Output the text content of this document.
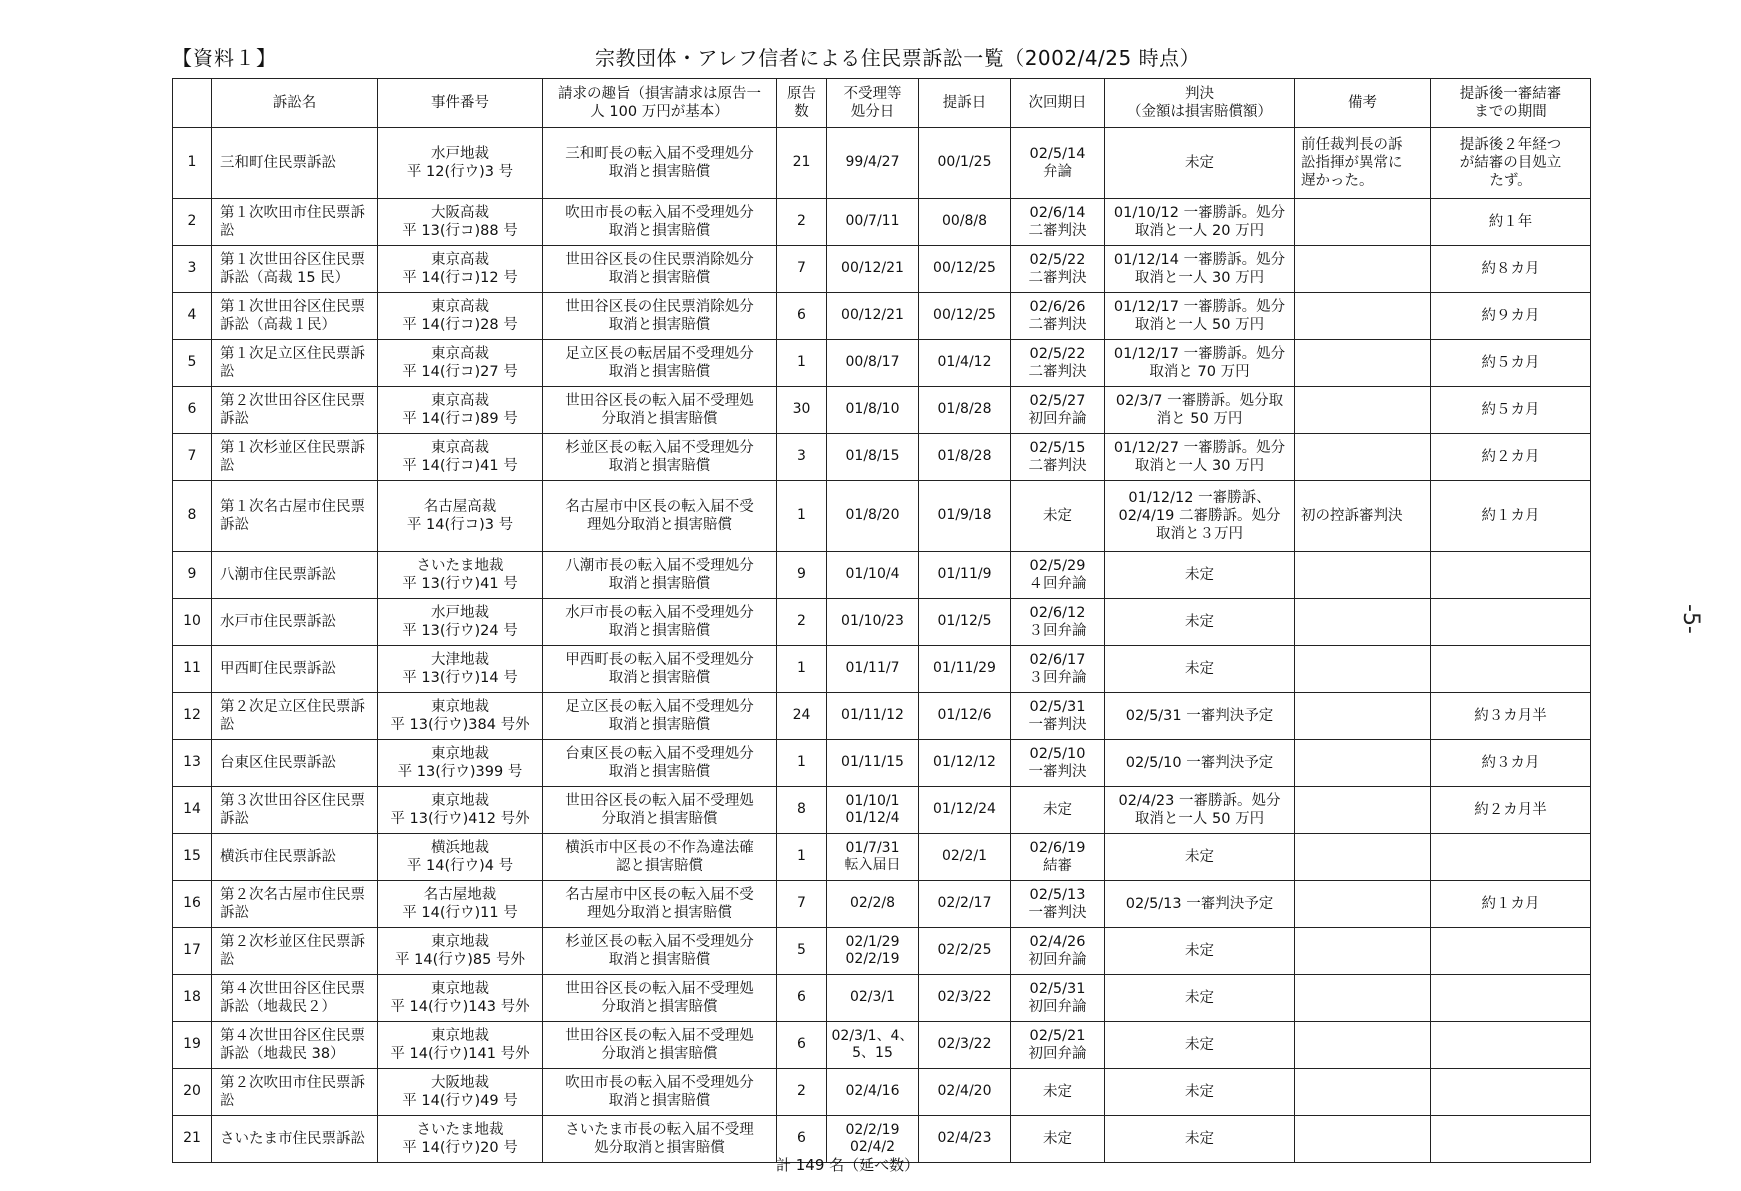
【資料１】	宗教団体・アレフ信者による住民票訴訟一覧（2002/4/25 時点）
	訴訟名	事件番号	請求の趣旨（損害請求は原告一
人 100 万円が基本）	原告
数	不受理等
処分日	提訴日	次回期日	判決
（金額は損害賠償額）	備考	提訴後一審結審
までの期間
1	三和町住民票訴訟	水戸地裁
平 12(行ウ)3 号	三和町長の転入届不受理処分
取消と損害賠償	21	99/4/27	00/1/25	02/5/14
弁論	未定	前任裁判長の訴
訟指揮が異常に
遅かった。	提訴後２年経つ
が結審の目処立
たず。
2	第１次吹田市住民票訴
訟	大阪高裁
平 13(行コ)88 号	吹田市長の転入届不受理処分
取消と損害賠償	2	00/7/11	00/8/8	02/6/14
二審判決	01/10/12 一審勝訴。処分
取消と一人 20 万円		約１年
3	第１次世田谷区住民票
訴訟（高裁 15 民）	東京高裁
平 14(行コ)12 号	世田谷区長の住民票消除処分
取消と損害賠償	7	00/12/21	00/12/25	02/5/22
二審判決	01/12/14 一審勝訴。処分
取消と一人 30 万円		約８カ月
4	第１次世田谷区住民票
訴訟（高裁１民）	東京高裁
平 14(行コ)28 号	世田谷区長の住民票消除処分
取消と損害賠償	6	00/12/21	00/12/25	02/6/26
二審判決	01/12/17 一審勝訴。処分
取消と一人 50 万円		約９カ月
5	第１次足立区住民票訴
訟	東京高裁
平 14(行コ)27 号	足立区長の転居届不受理処分
取消と損害賠償	1	00/8/17	01/4/12	02/5/22
二審判決	01/12/17 一審勝訴。処分
取消と 70 万円		約５カ月
6	第２次世田谷区住民票
訴訟	東京高裁
平 14(行コ)89 号	世田谷区長の転入届不受理処
分取消と損害賠償	30	01/8/10	01/8/28	02/5/27
初回弁論	02/3/7 一審勝訴。処分取
消と 50 万円		約５カ月
7	第１次杉並区住民票訴
訟	東京高裁
平 14(行コ)41 号	杉並区長の転入届不受理処分
取消と損害賠償	3	01/8/15	01/8/28	02/5/15
二審判決	01/12/27 一審勝訴。処分
取消と一人 30 万円		約２カ月
8	第１次名古屋市住民票
訴訟	名古屋高裁
平 14(行コ)3 号	名古屋市中区長の転入届不受
理処分取消と損害賠償	1	01/8/20	01/9/18	未定	01/12/12 一審勝訴、
02/4/19 二審勝訴。処分
取消と３万円	初の控訴審判決	約１カ月
9	八潮市住民票訴訟	さいたま地裁
平 13(行ウ)41 号	八潮市長の転入届不受理処分
取消と損害賠償	9	01/10/4	01/11/9	02/5/29
４回弁論	未定		
10	水戸市住民票訴訟	水戸地裁
平 13(行ウ)24 号	水戸市長の転入届不受理処分
取消と損害賠償	2	01/10/23	01/12/5	02/6/12
３回弁論	未定		
11	甲西町住民票訴訟	大津地裁
平 13(行ウ)14 号	甲西町長の転入届不受理処分
取消と損害賠償	1	01/11/7	01/11/29	02/6/17
３回弁論	未定		
12	第２次足立区住民票訴
訟	東京地裁
平 13(行ウ)384 号外	足立区長の転入届不受理処分
取消と損害賠償	24	01/11/12	01/12/6	02/5/31
一審判決	02/5/31 一審判決予定		約３カ月半
13	台東区住民票訴訟	東京地裁
平 13(行ウ)399 号	台東区長の転入届不受理処分
取消と損害賠償	1	01/11/15	01/12/12	02/5/10
一審判決	02/5/10 一審判決予定		約３カ月
14	第３次世田谷区住民票
訴訟	東京地裁
平 13(行ウ)412 号外	世田谷区長の転入届不受理処
分取消と損害賠償	8	01/10/1
01/12/4	01/12/24	未定	02/4/23 一審勝訴。処分
取消と一人 50 万円		約２カ月半
15	横浜市住民票訴訟	横浜地裁
平 14(行ウ)4 号	横浜市中区長の不作為違法確
認と損害賠償	1	01/7/31
転入届日	02/2/1	02/6/19
結審	未定		
16	第２次名古屋市住民票
訴訟	名古屋地裁
平 14(行ウ)11 号	名古屋市中区長の転入届不受
理処分取消と損害賠償	7	02/2/8	02/2/17	02/5/13
一審判決	02/5/13 一審判決予定		約１カ月
17	第２次杉並区住民票訴
訟	東京地裁
平 14(行ウ)85 号外	杉並区長の転入届不受理処分
取消と損害賠償	5	02/1/29
02/2/19	02/2/25	02/4/26
初回弁論	未定		
18	第４次世田谷区住民票
訴訟（地裁民２）	東京地裁
平 14(行ウ)143 号外	世田谷区長の転入届不受理処
分取消と損害賠償	6	02/3/1	02/3/22	02/5/31
初回弁論	未定		
19	第４次世田谷区住民票
訴訟（地裁民 38）	東京地裁
平 14(行ウ)141 号外	世田谷区長の転入届不受理処
分取消と損害賠償	6	02/3/1、4、
5、15	02/3/22	02/5/21
初回弁論	未定		
20	第２次吹田市住民票訴
訟	大阪地裁
平 14(行ウ)49 号	吹田市長の転入届不受理処分
取消と損害賠償	2	02/4/16	02/4/20	未定	未定		
21	さいたま市住民票訴訟	さいたま地裁
平 14(行ウ)20 号	さいたま市長の転入届不受理
処分取消と損害賠償	6	02/2/19
02/4/2	02/4/23	未定	未定		
計 149 名（延べ数）
-5-
